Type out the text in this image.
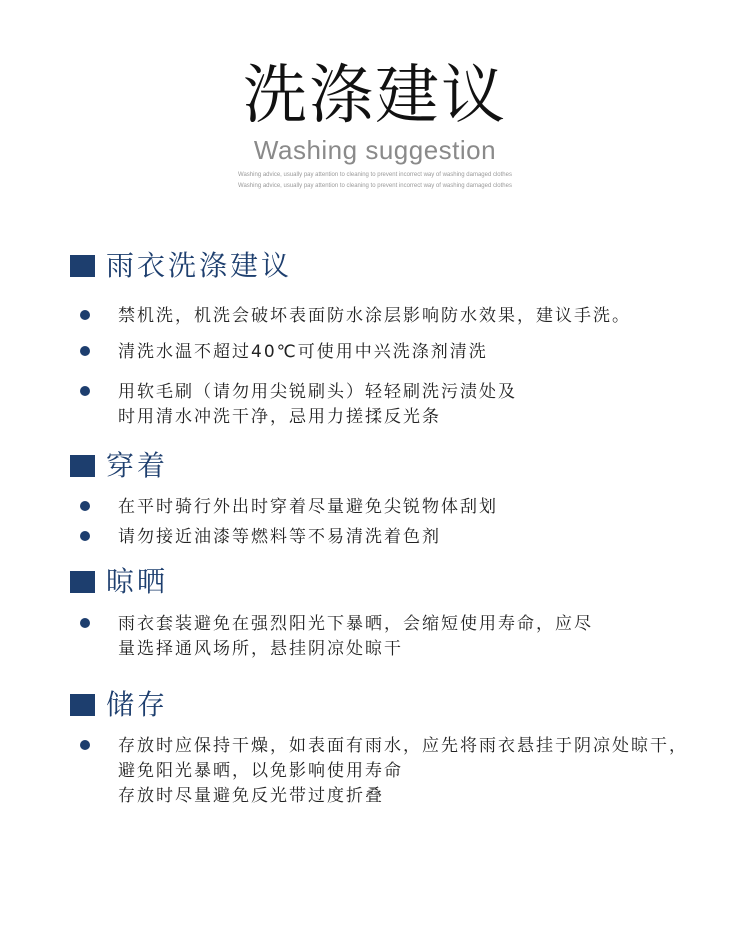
洗涤建议
Washing suggestion
Washing advice, usually pay attention to cleaning to prevent incorrect way of washing damaged clothes
Washing advice, usually pay attention to cleaning to prevent incorrect way of washing damaged clothes
雨衣洗涤建议
禁机洗，机洗会破坏表面防水涂层影响防水效果，建议手洗。
清洗水温不超过40℃可使用中兴洗涤剂清洗
用软毛刷（请勿用尖锐刷头）轻轻刷洗污渍处及
时用清水冲洗干净，忌用力搓揉反光条
穿着
在平时骑行外出时穿着尽量避免尖锐物体刮划
请勿接近油漆等燃料等不易清洗着色剂
晾晒
雨衣套装避免在强烈阳光下暴晒，会缩短使用寿命，应尽
量选择通风场所，悬挂阴凉处晾干
储存
存放时应保持干燥，如表面有雨水，应先将雨衣悬挂于阴凉处晾干，
避免阳光暴晒，以免影响使用寿命
存放时尽量避免反光带过度折叠
